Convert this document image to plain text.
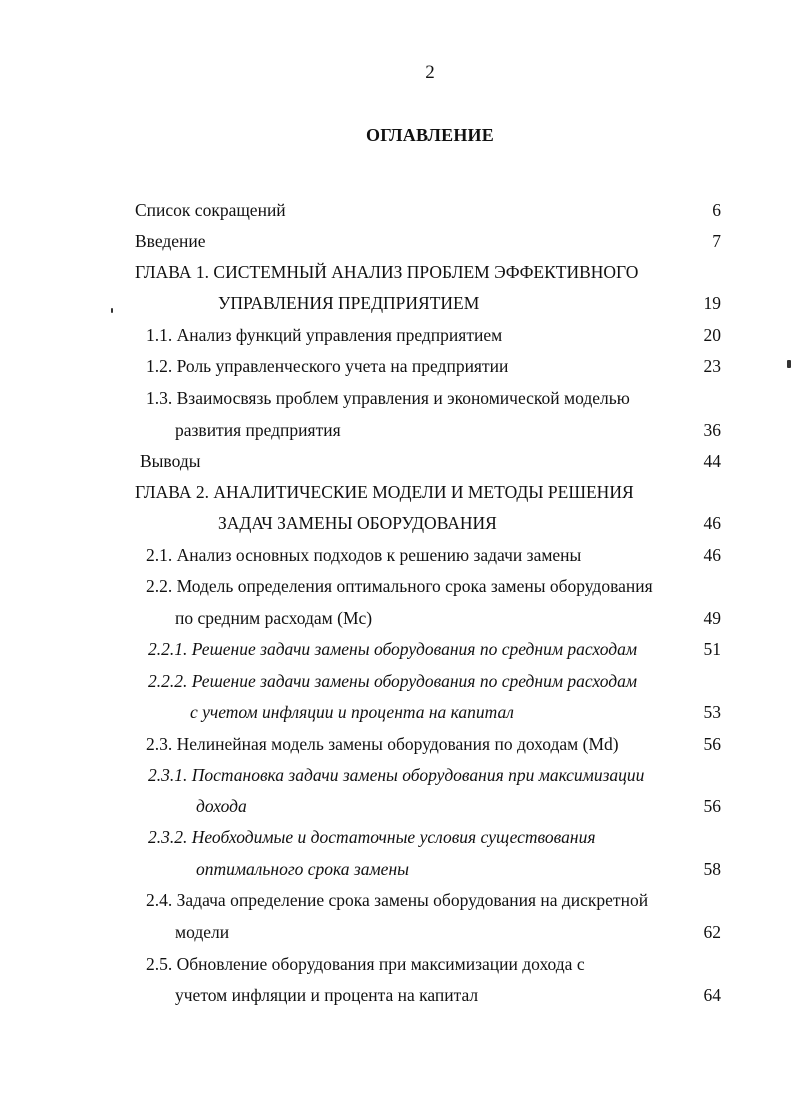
2
ОГЛАВЛЕНИЕ
Список сокращений	6
Введение	7
ГЛАВА 1. СИСТЕМНЫЙ АНАЛИЗ ПРОБЛЕМ ЭФФЕКТИВНОГО
УПРАВЛЕНИЯ ПРЕДПРИЯТИЕМ	19
1.1. Анализ функций управления предприятием	20
1.2. Роль управленческого учета на предприятии	23
1.3. Взаимосвязь проблем управления и экономической моделью
развития предприятия	36
Выводы	44
ГЛАВА 2. АНАЛИТИЧЕСКИЕ МОДЕЛИ И МЕТОДЫ РЕШЕНИЯ
ЗАДАЧ ЗАМЕНЫ ОБОРУДОВАНИЯ	46
2.1. Анализ основных подходов к решению задачи замены	46
2.2. Модель определения оптимального срока замены оборудования
по средним расходам (Mc)	49
2.2.1. Решение задачи замены оборудования по средним расходам	51
2.2.2. Решение задачи замены оборудования по средним расходам
с учетом инфляции и процента на капитал	53
2.3. Нелинейная модель замены оборудования по доходам (Md)	56
2.3.1. Постановка задачи замены оборудования при максимизации
дохода	56
2.3.2. Необходимые и достаточные условия существования
оптимального срока замены	58
2.4. Задача определение срока замены оборудования на дискретной
модели	62
2.5. Обновление оборудования при максимизации дохода с
учетом инфляции и процента на капитал	64
